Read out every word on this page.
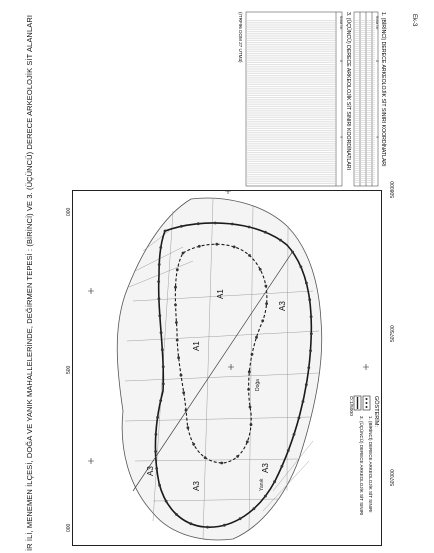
Ek-3
İR İLİ, MENEMEN İLÇESİ, DOĞA VE YANIK MAHALLELERİNDE, DEĞİRMEN TEPESİ : (BİRİNCİ) VE 3. (ÜÇÜNCÜ) DERECE ARKEOLOJİK SİT ALANLARI	1. (BİRİNCİ) DERECE ARKEOLOJİK SİT SINIRI KOORDİNATLARI
Nokta No
X
Y
3. (ÜÇÜNCÜ) DERECE ARKEOLOJİK SİT SINIRI KOORDİNATLARI
Nokta No
X
Y
(ITRF96 DOM 27 UTM3)
A1
A1
A3
A3
A3
A3
Doğa
Yanık
508000
507500
507000
000
500
000
GÖSTERİM:
1. (BİRİNCİ) DERECE ARKEOLOJİK SİT SINIRI
3. (ÜÇÜNCÜ) DERECE ARKEOLOJİK SİT SINIRI
Ö:1/5000
